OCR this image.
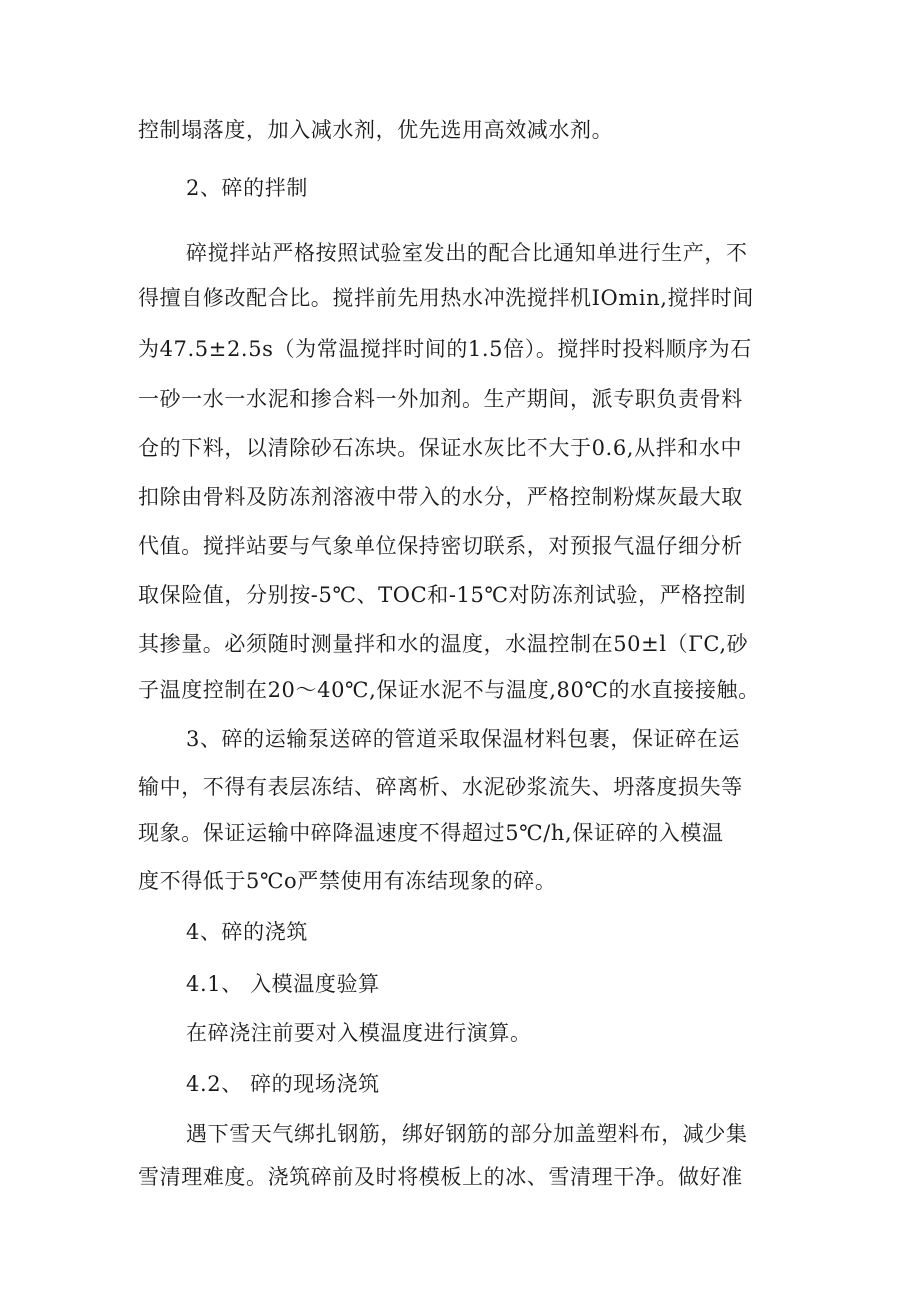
控制塌落度，加入减水剂，优先选用高效减水剂。
2、碎的拌制
碎搅拌站严格按照试验室发出的配合比通知单进行生产，不
得擅自修改配合比。搅拌前先用热水冲洗搅拌机IOmin,搅拌时间
为47.5±2.5s（为常温搅拌时间的1.5倍）。搅拌时投料顺序为石
一砂一水一水泥和掺合料一外加剂。生产期间，派专职负责骨料
仓的下料，以清除砂石冻块。保证水灰比不大于0.6,从拌和水中
扣除由骨料及防冻剂溶液中带入的水分，严格控制粉煤灰最大取
代值。搅拌站要与气象单位保持密切联系，对预报气温仔细分析
取保险值，分别按-5℃、TOC和-15℃对防冻剂试验，严格控制
其掺量。必须随时测量拌和水的温度，水温控制在50±l（ΓC,砂
子温度控制在20～40℃,保证水泥不与温度,80℃的水直接接触。
3、碎的运输泵送碎的管道采取保温材料包裹，保证碎在运
输中，不得有表层冻结、碎离析、水泥砂浆流失、坍落度损失等
现象。保证运输中碎降温速度不得超过5℃/h,保证碎的入模温
度不得低于5℃o严禁使用有冻结现象的碎。
4、碎的浇筑
4.1、 入模温度验算
在碎浇注前要对入模温度进行演算。
4.2、 碎的现场浇筑
遇下雪天气绑扎钢筋，绑好钢筋的部分加盖塑料布，减少集
雪清理难度。浇筑碎前及时将模板上的冰、雪清理干净。做好准
